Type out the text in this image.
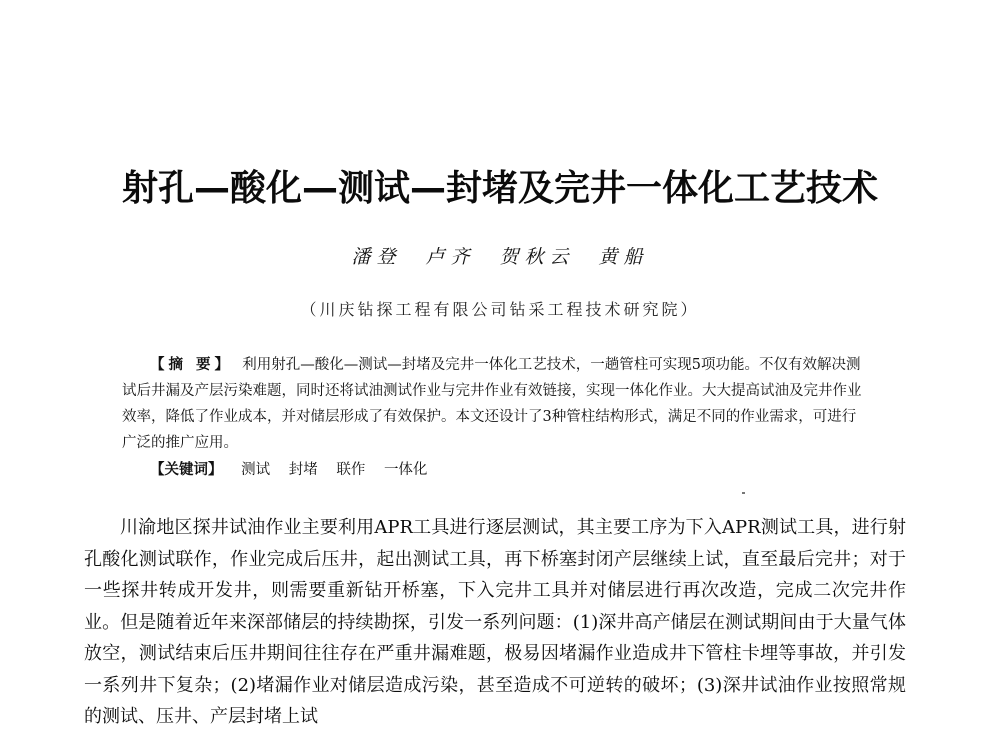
射孔—酸化—测试—封堵及完井一体化工艺技术
潘登 卢齐 贺秋云 黄船
（川庆钻探工程有限公司钻采工程技术研究院）

【摘 要】 利用射孔—酸化—测试—封堵及完井一体化工艺技术，一趟管柱可实现5项功能。不仅有效解决测试后井漏及产层污染难题，同时还将试油测试作业与完井作业有效链接，实现一体化作业。大大提高试油及完井作业效率，降低了作业成本，并对储层形成了有效保护。本文还设计了3种管柱结构形式，满足不同的作业需求，可进行广泛的推广应用。

【关键词】 测试 封堵 联作 一体化

川渝地区探井试油作业主要利用APR工具进行逐层测试，其主要工序为下入APR测试工具，进行射孔酸化测试联作，作业完成后压井，起出测试工具，再下桥塞封闭产层继续上试，直至最后完井；对于一些探井转成开发井，则需要重新钻开桥塞，下入完井工具并对储层进行再次改造，完成二次完井作业。但是随着近年来深部储层的持续勘探，引发一系列问题：(1)深井高产储层在测试期间由于大量气体放空，测试结束后压井期间往往存在严重井漏难题，极易因堵漏作业造成井下管柱卡埋等事故，并引发一系列井下复杂；(2)堵漏作业对储层造成污染，甚至造成不可逆转的破坏；(3)深井试油作业按照常规的测试、压井、产层封堵上试
